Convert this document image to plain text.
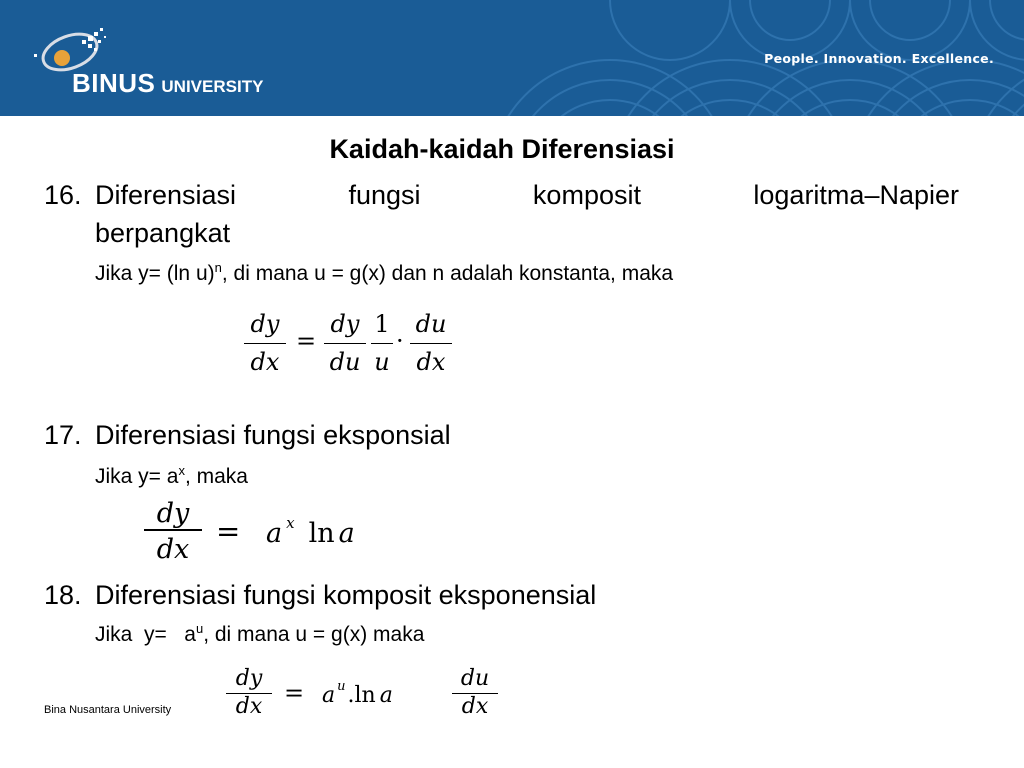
BINUS UNIVERSITY
People. Innovation. Excellence.
Kaidah-kaidah Diferensiasi
16. Diferensiasi fungsi komposit logaritma–Napier
berpangkat
Jika y= (ln u)$^n$, di mana u = g(x) dan n adalah konstanta, maka
dy
dx
=
dy
du
1
u
·
du
dx
17. Diferensiasi fungsi eksponsial
Jika $y= a^x$, maka
dy
dx
= a $^x$ ln a
18. Diferensiasi fungsi komposit eksponensial
Jika  $y= a^u$, di mana u = g(x) maka
dy
dx = a $^u$.ln a
du
dx
Bina Nusantara University
